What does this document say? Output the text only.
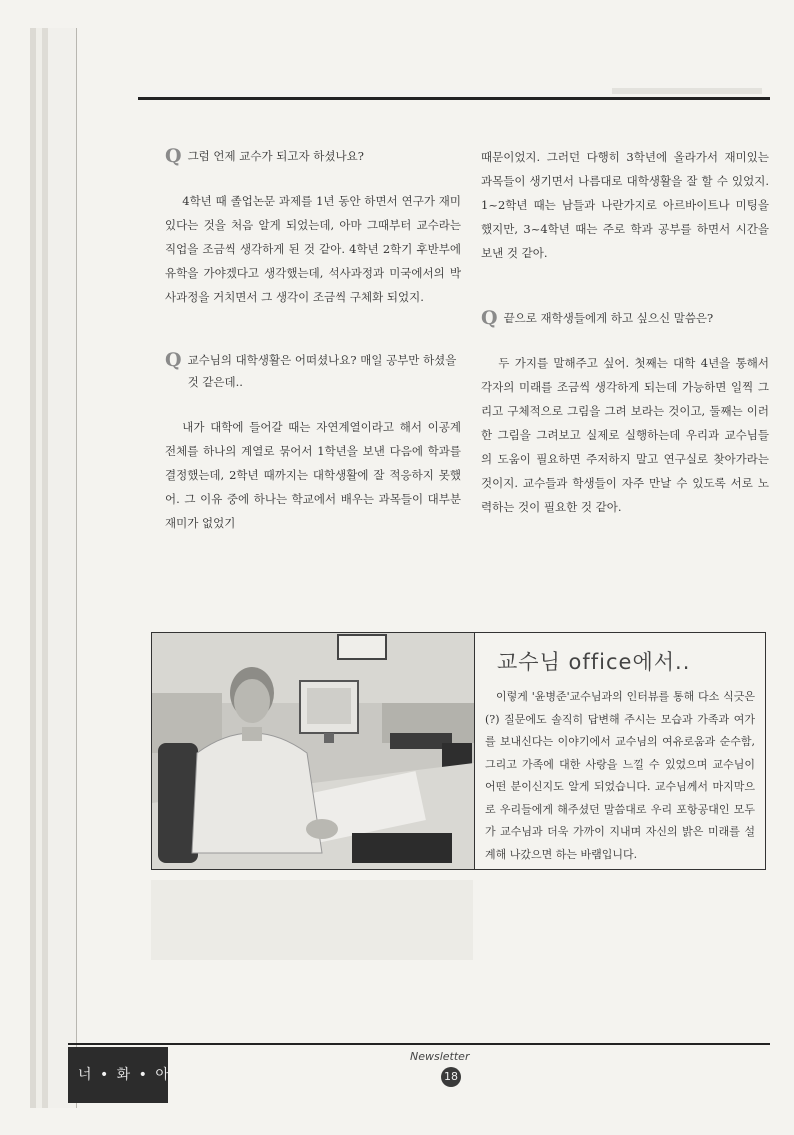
Q 그럼 언제 교수가 되고자 하셨나요?

4학년 때 졸업논문 과제를 1년 동안 하면서 연구가 재미있다는 것을 처음 알게 되었는데, 아마 그때부터 교수라는 직업을 조금씩 생각하게 된 것 같아. 4학년 2학기 후반부에 유학을 가야겠다고 생각했는데, 석사과정과 미국에서의 박사과정을 거치면서 그 생각이 조금씩 구체화 되었지.

Q 교수님의 대학생활은 어떠셨나요? 매일 공부만 하셨을 것 같은데..

내가 대학에 들어갈 때는 자연계열이라고 해서 이공계 전체를 하나의 계열로 묶어서 1학년을 보낸 다음에 학과를 결정했는데, 2학년 때까지는 대학생활에 잘 적응하지 못했어. 그 이유 중에 하나는 학교에서 배우는 과목들이 대부분 재미가 없었기

때문이었지. 그러던 다행히 3학년에 올라가서 재미있는 과목들이 생기면서 나름대로 대학생활을 잘 할 수 있었지. 1~2학년 때는 남들과 나란가지로 아르바이트나 미팅을 했지만, 3~4학년 때는 주로 학과 공부를 하면서 시간을 보낸 것 같아.

Q 끝으로 재학생들에게 하고 싶으신 말씀은?

두 가지를 말해주고 싶어. 첫째는 대학 4년을 통해서 각자의 미래를 조금씩 생각하게 되는데 가능하면 일찍 그리고 구체적으로 그림을 그려 보라는 것이고, 둘째는 이러한 그림을 그려보고 실제로 실행하는데 우리과 교수님들의 도움이 필요하면 주저하지 말고 연구실로 찾아가라는 것이지. 교수들과 학생들이 자주 만날 수 있도록 서로 노력하는 것이 필요한 것 같아.

교수님 office에서..
이렇게 '윤병준'교수님과의 인터뷰를 통해 다소 식긋은 (?) 질문에도 솔직히 답변해 주시는 모습과 가족과 여가를 보내신다는 이야기에서 교수님의 여유로움과 순수함, 그리고 가족에 대한 사랑을 느낄 수 있었으며 교수님이 어떤 분이신지도 알게 되었습니다. 교수님께서 마지막으로 우리들에게 해주셨던 말씀대로 우리 포항공대인 모두가 교수님과 더욱 가까이 지내며 자신의 밝은 미래를 설계해 나갔으면 하는 바램입니다.
너 • 화 • 아
Newsletter
18
